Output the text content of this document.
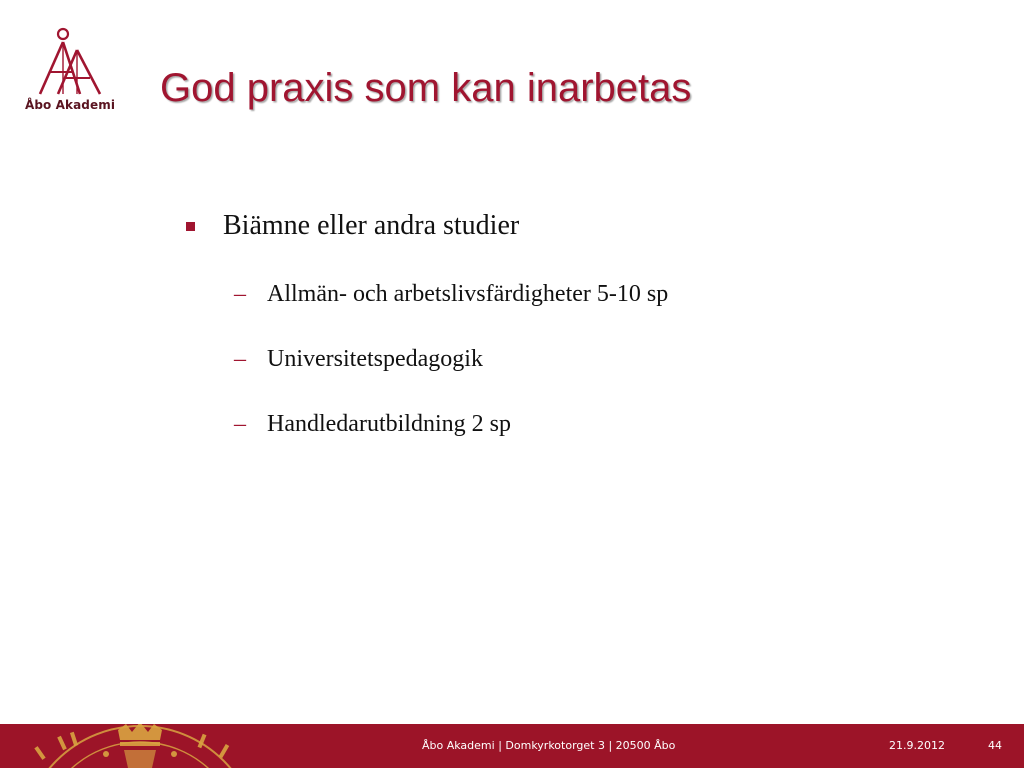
Åbo Akademi God praxis som kan inarbetas
Biämne eller andra studier
– Allmän- och arbetslivsfärdigheter 5-10 sp
– Universitetspedagogik
– Handledarutbildning 2 sp
Åbo Akademi | Domkyrkotorget 3 | 20500 Åbo	21.9.2012	44
